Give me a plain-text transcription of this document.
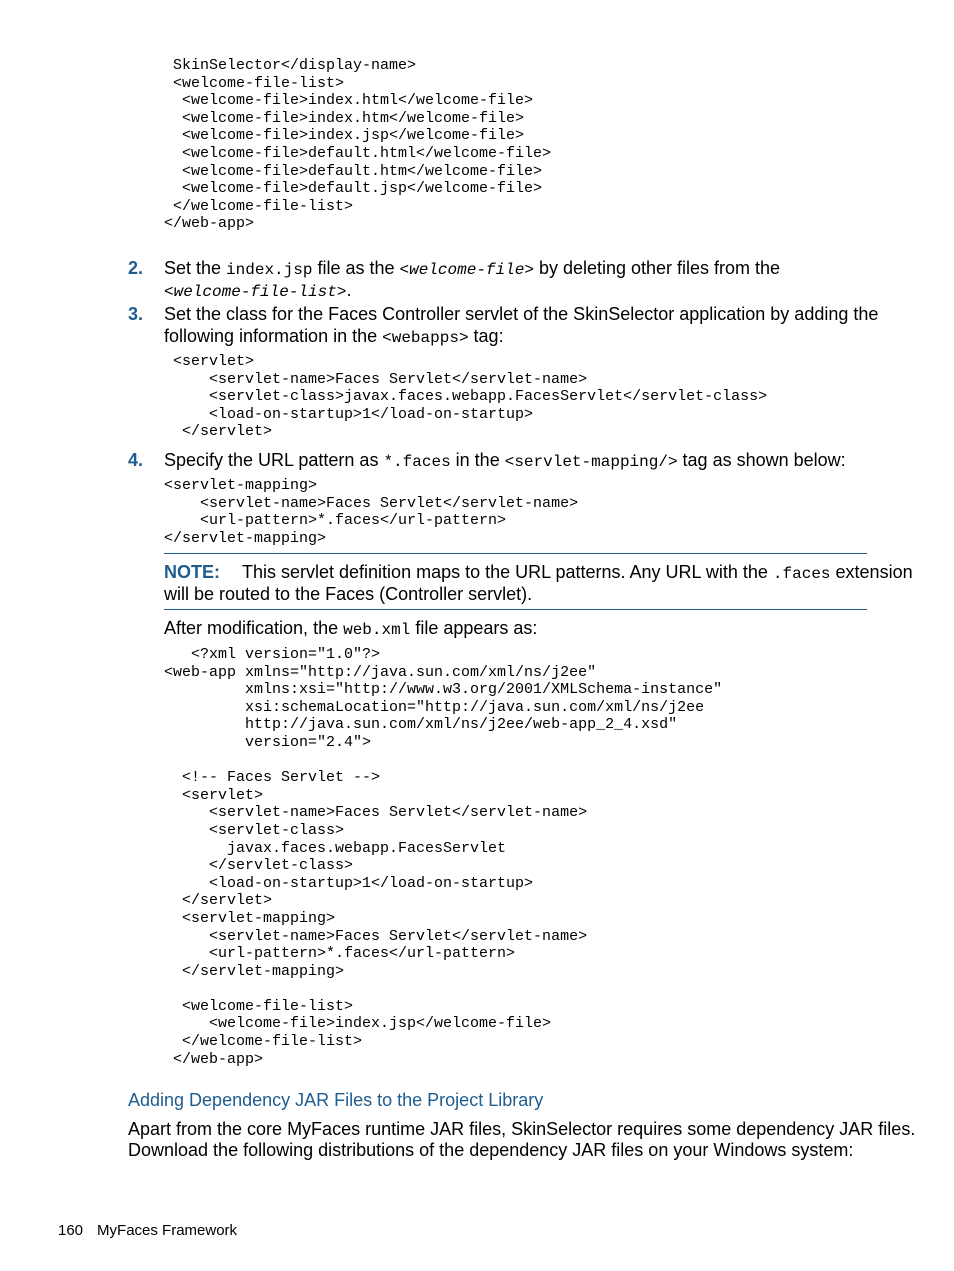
SkinSelector</display-name>
<welcome-file-list>
<welcome-file>index.html</welcome-file>
<welcome-file>index.htm</welcome-file>
<welcome-file>index.jsp</welcome-file>
<welcome-file>default.html</welcome-file>
<welcome-file>default.htm</welcome-file>
<welcome-file>default.jsp</welcome-file>
</welcome-file-list>
</web-app>
2. Set the index.jsp file as the <welcome-file> by deleting other files from the
<welcome-file-list>.
3. Set the class for the Faces Controller servlet of the SkinSelector application by adding the
following information in the <webapps> tag:
<servlet>
<servlet-name>Faces Servlet</servlet-name>
<servlet-class>javax.faces.webapp.FacesServlet</servlet-class>
<load-on-startup>1</load-on-startup>
</servlet>
4. Specify the URL pattern as *.faces in the <servlet-mapping/> tag as shown below:
<servlet-mapping>
<servlet-name>Faces Servlet</servlet-name>
<url-pattern>*.faces</url-pattern>
</servlet-mapping>
NOTE: This servlet definition maps to the URL patterns. Any URL with the .faces extension
will be routed to the Faces (Controller servlet).
After modification, the web.xml file appears as:
<?xml version="1.0"?>
<web-app xmlns="http://java.sun.com/xml/ns/j2ee"
xmlns:xsi="http://www.w3.org/2001/XMLSchema-instance"
xsi:schemaLocation="http://java.sun.com/xml/ns/j2ee
http://java.sun.com/xml/ns/j2ee/web-app_2_4.xsd"
version="2.4">

<!-- Faces Servlet -->
<servlet>
<servlet-name>Faces Servlet</servlet-name>
<servlet-class>
javax.faces.webapp.FacesServlet
</servlet-class>
<load-on-startup>1</load-on-startup>
</servlet>
<servlet-mapping>
<servlet-name>Faces Servlet</servlet-name>
<url-pattern>*.faces</url-pattern>
</servlet-mapping>

<welcome-file-list>
<welcome-file>index.jsp</welcome-file>
</welcome-file-list>
</web-app>
Adding Dependency JAR Files to the Project Library
Apart from the core MyFaces runtime JAR files, SkinSelector requires some dependency JAR files.
Download the following distributions of the dependency JAR files on your Windows system:
160 MyFaces Framework
